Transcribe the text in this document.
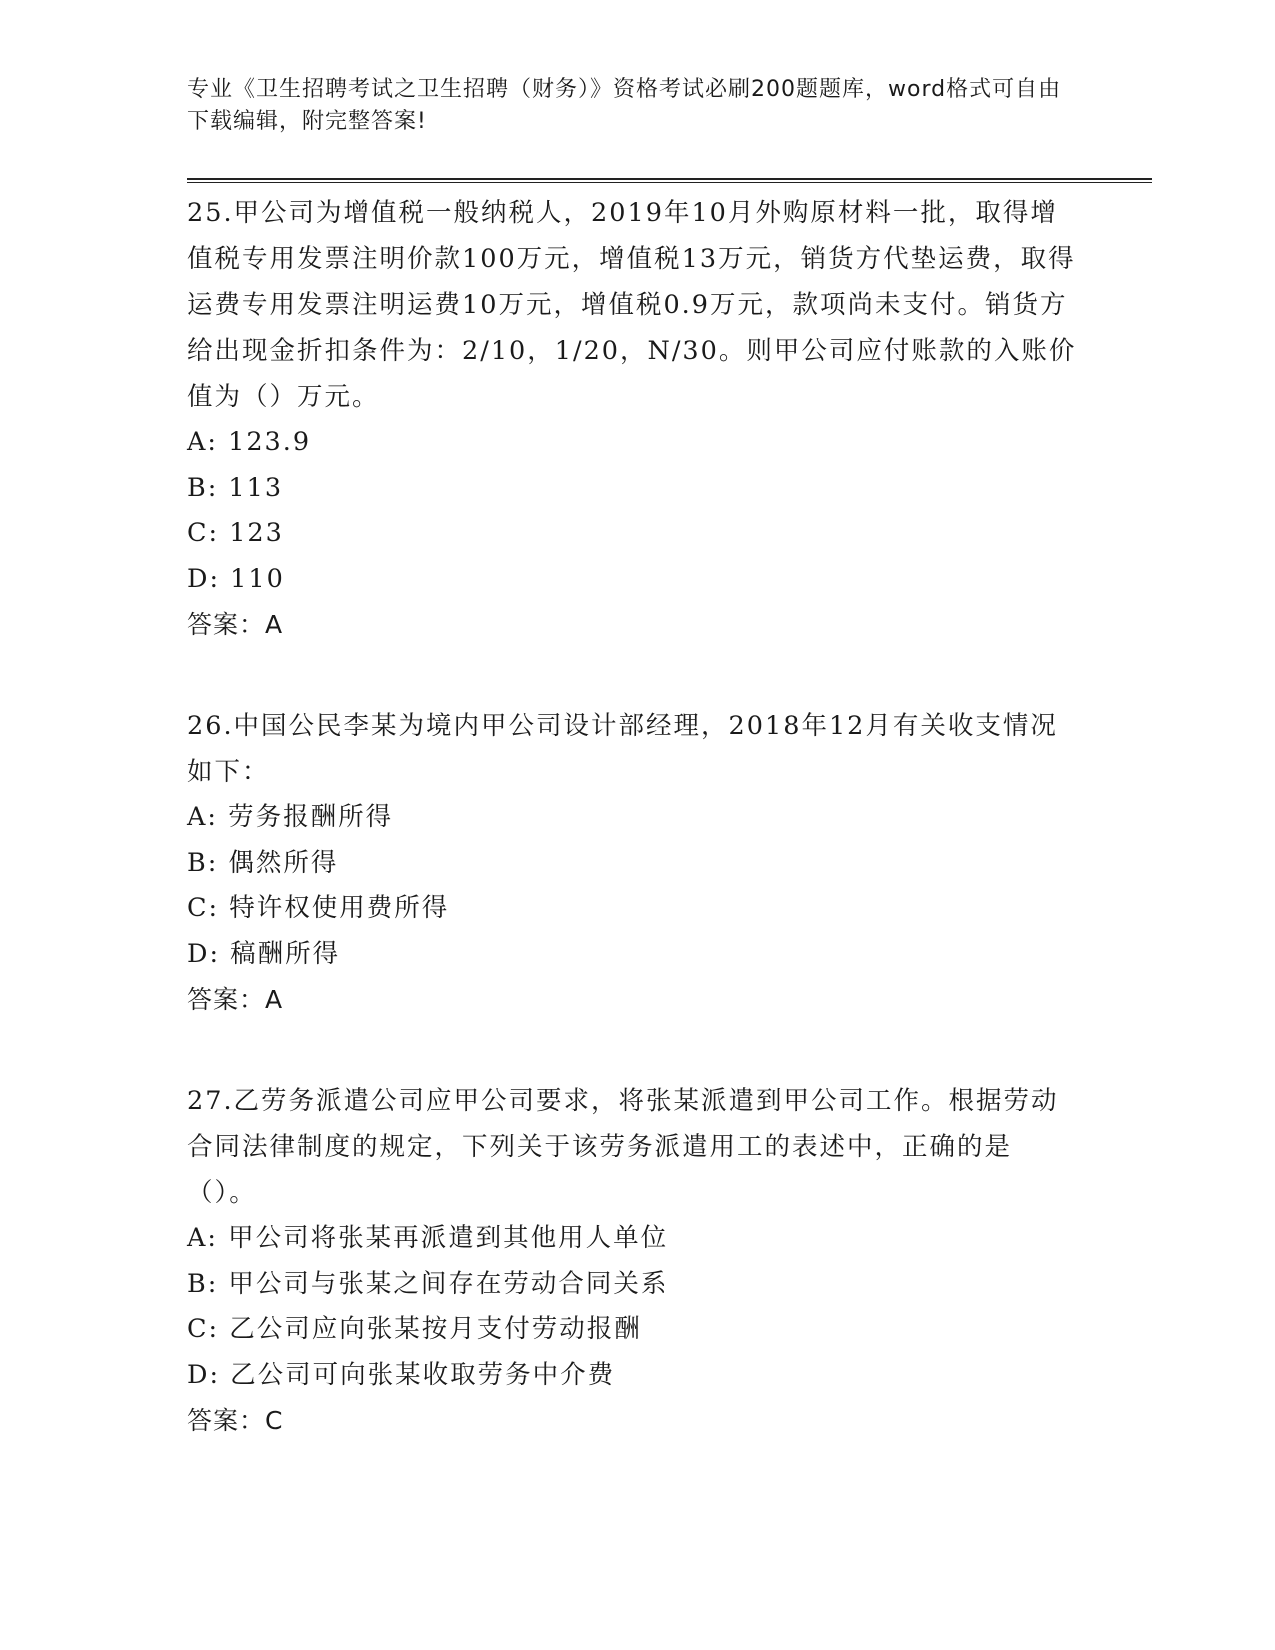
专业《卫生招聘考试之卫生招聘（财务）》资格考试必刷200题题库，word格式可自由下载编辑，附完整答案!

25.甲公司为增值税一般纳税人，2019年10月外购原材料一批，取得增值税专用发票注明价款100万元，增值税13万元，销货方代垫运费，取得运费专用发票注明运费10万元，增值税0.9万元，款项尚未支付。销货方给出现金折扣条件为：2/10，1/20，N/30。则甲公司应付账款的入账价值为（）万元。

A: 123.9
B: 113
C: 123
D: 110
答案：A

26.中国公民李某为境内甲公司设计部经理，2018年12月有关收支情况如下：

A: 劳务报酬所得
B: 偶然所得
C: 特许权使用费所得
D: 稿酬所得
答案：A

27.乙劳务派遣公司应甲公司要求，将张某派遣到甲公司工作。根据劳动合同法律制度的规定，下列关于该劳务派遣用工的表述中，正确的是（）。

A: 甲公司将张某再派遣到其他用人单位
B: 甲公司与张某之间存在劳动合同关系
C: 乙公司应向张某按月支付劳动报酬
D: 乙公司可向张某收取劳务中介费
答案：C
